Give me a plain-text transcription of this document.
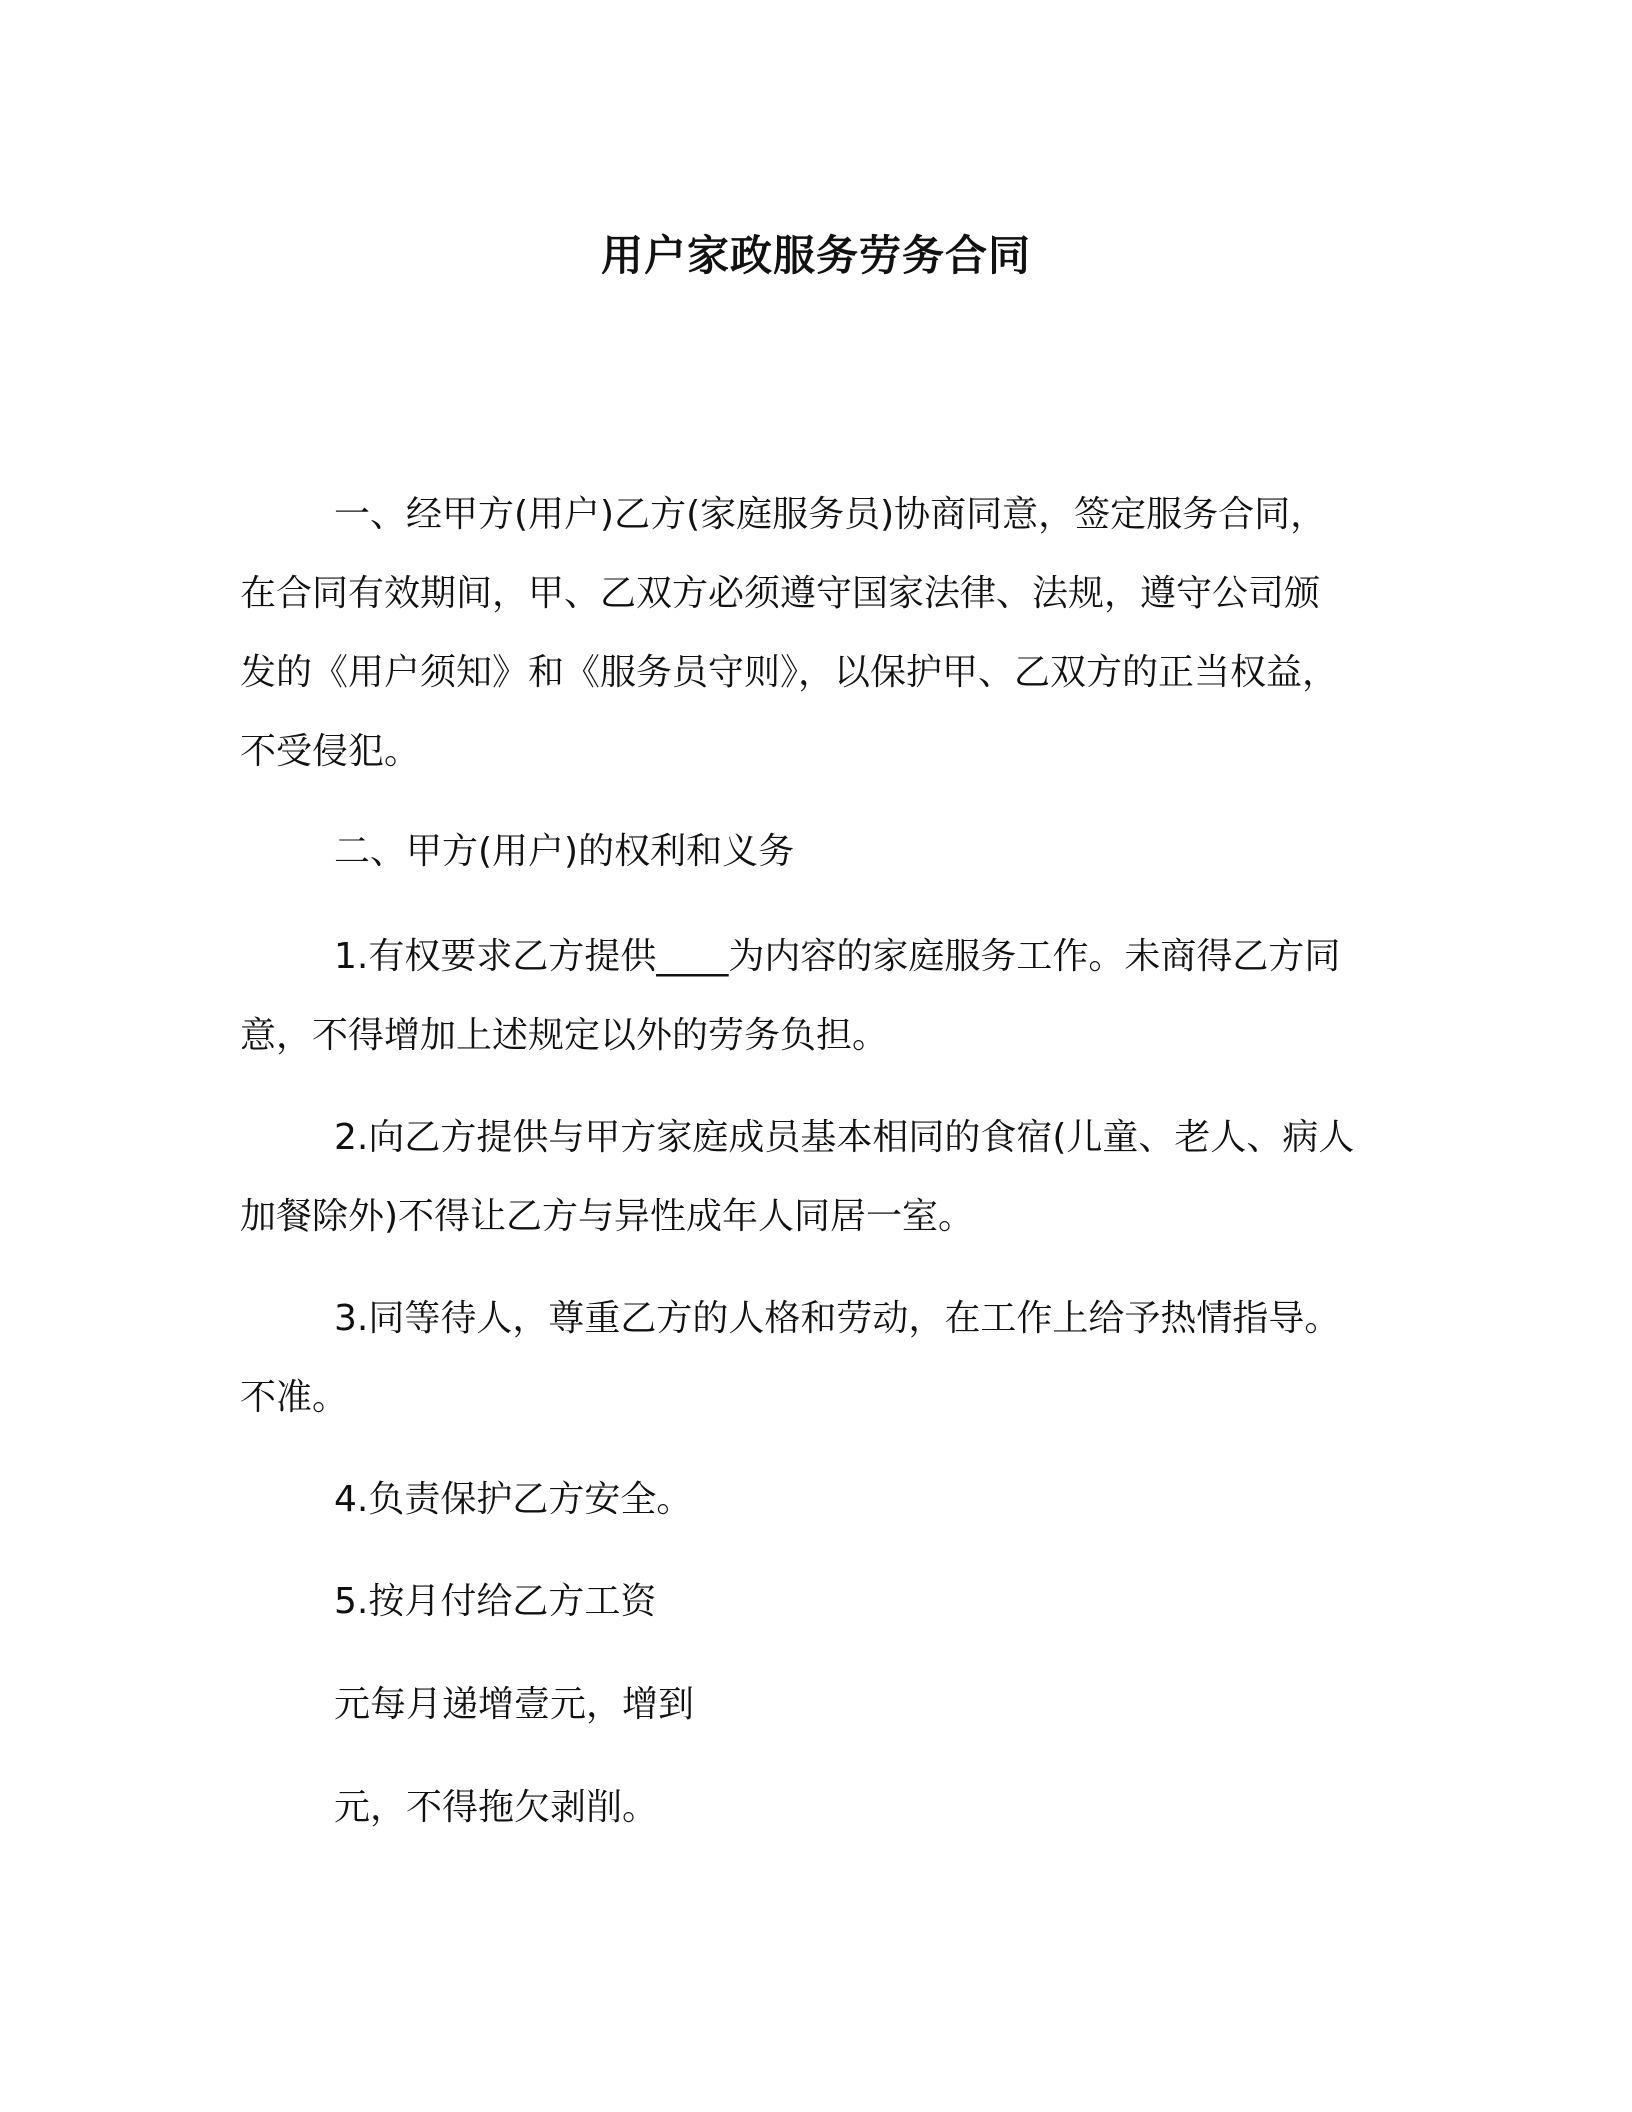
用户家政服务劳务合同

一、经甲方(用户)乙方(家庭服务员)协商同意，签定服务合同，

在合同有效期间，甲、乙双方必须遵守国家法律、法规，遵守公司颁

发的《用户须知》和《服务员守则》，以保护甲、乙双方的正当权益，

不受侵犯。

二、甲方(用户)的权利和义务

1.有权要求乙方提供____为内容的家庭服务工作。未商得乙方同

意，不得增加上述规定以外的劳务负担。

2.向乙方提供与甲方家庭成员基本相同的食宿(儿童、老人、病人

加餐除外)不得让乙方与异性成年人同居一室。

3.同等待人，尊重乙方的人格和劳动，在工作上给予热情指导。

不准。

4.负责保护乙方安全。

5.按月付给乙方工资

元每月递增壹元，增到

元，不得拖欠剥削。
